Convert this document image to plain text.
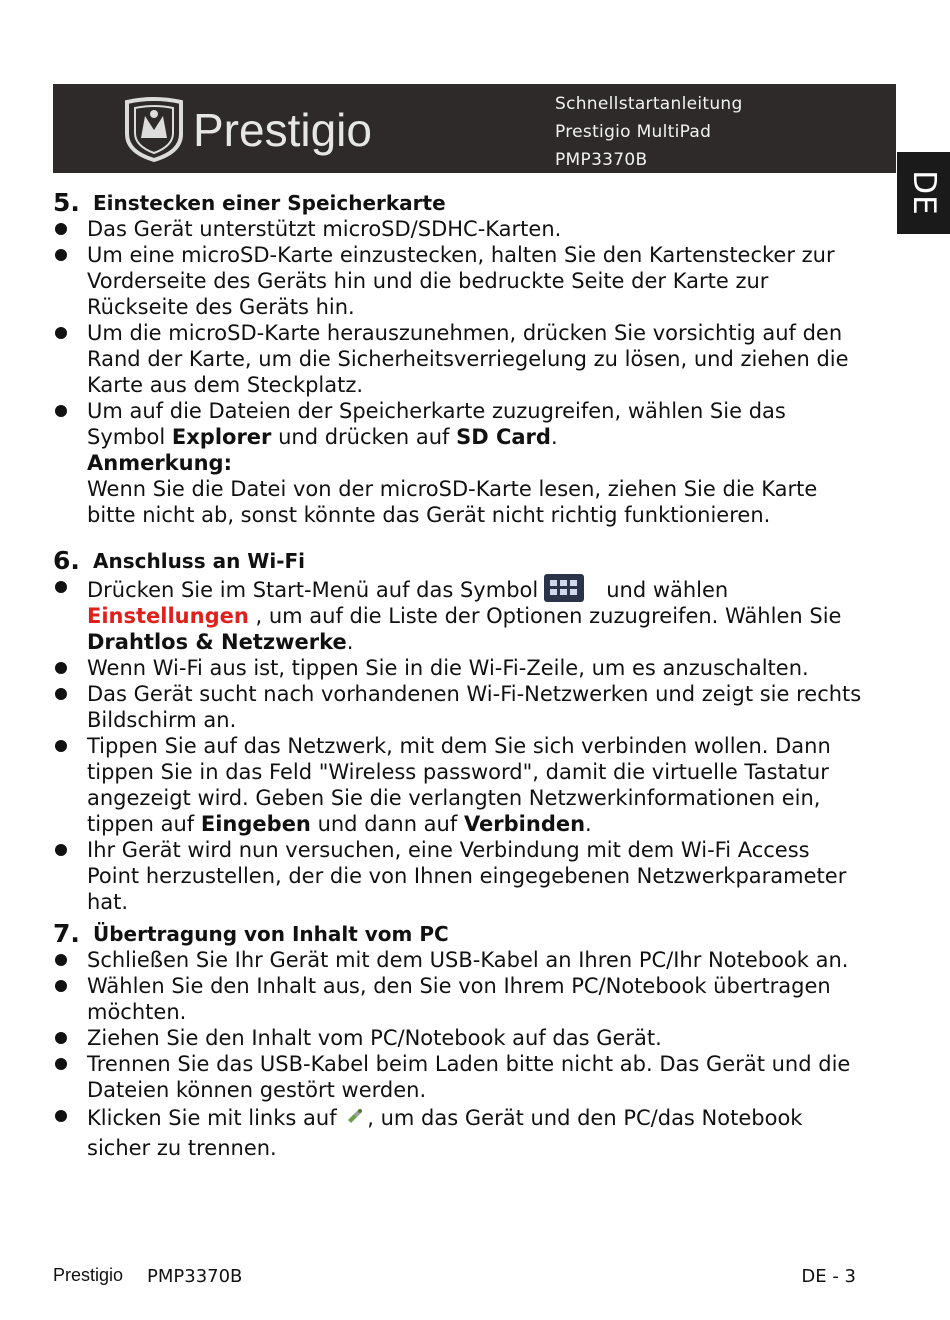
Prestigio	Schnellstartanleitung
Prestigio MultiPad
PMP3370B
DE
5. Einstecken einer Speicherkarte

Das Gerät unterstützt microSD/SDHC-Karten.

Um eine microSD-Karte einzustecken, halten Sie den Kartenstecker zur Vorderseite des Geräts hin und die bedruckte Seite der Karte zur Rückseite des Geräts hin.

Um die microSD-Karte herauszunehmen, drücken Sie vorsichtig auf den Rand der Karte, um die Sicherheitsverriegelung zu lösen, und ziehen die Karte aus dem Steckplatz.

Um auf die Dateien der Speicherkarte zuzugreifen, wählen Sie das Symbol Explorer und drücken auf SD Card.

Anmerkung:

Wenn Sie die Datei von der microSD-Karte lesen, ziehen Sie die Karte bitte nicht ab, sonst könnte das Gerät nicht richtig funktionieren.

6. Anschluss an Wi-Fi

Drücken Sie im Start-Menü auf das Symbol	und wählen
Einstellungen , um auf die Liste der Optionen zuzugreifen. Wählen Sie Drahtlos & Netzwerke.

Wenn Wi-Fi aus ist, tippen Sie in die Wi-Fi-Zeile, um es anzuschalten.

Das Gerät sucht nach vorhandenen Wi-Fi-Netzwerken und zeigt sie rechts Bildschirm an.

Tippen Sie auf das Netzwerk, mit dem Sie sich verbinden wollen. Dann tippen Sie in das Feld "Wireless password", damit die virtuelle Tastatur angezeigt wird. Geben Sie die verlangten Netzwerkinformationen ein, tippen auf Eingeben und dann auf Verbinden.

Ihr Gerät wird nun versuchen, eine Verbindung mit dem Wi-Fi Access Point herzustellen, der die von Ihnen eingegebenen Netzwerkparameter hat.

7. Übertragung von Inhalt vom PC

Schließen Sie Ihr Gerät mit dem USB-Kabel an Ihren PC/Ihr Notebook an.

Wählen Sie den Inhalt aus, den Sie von Ihrem PC/Notebook übertragen möchten.

Ziehen Sie den Inhalt vom PC/Notebook auf das Gerät.

Trennen Sie das USB-Kabel beim Laden bitte nicht ab. Das Gerät und die Dateien können gestört werden.

Klicken Sie mit links auf , um das Gerät und den PC/das Notebook sicher zu trennen.

Prestigio PMP3370B	DE - 3
